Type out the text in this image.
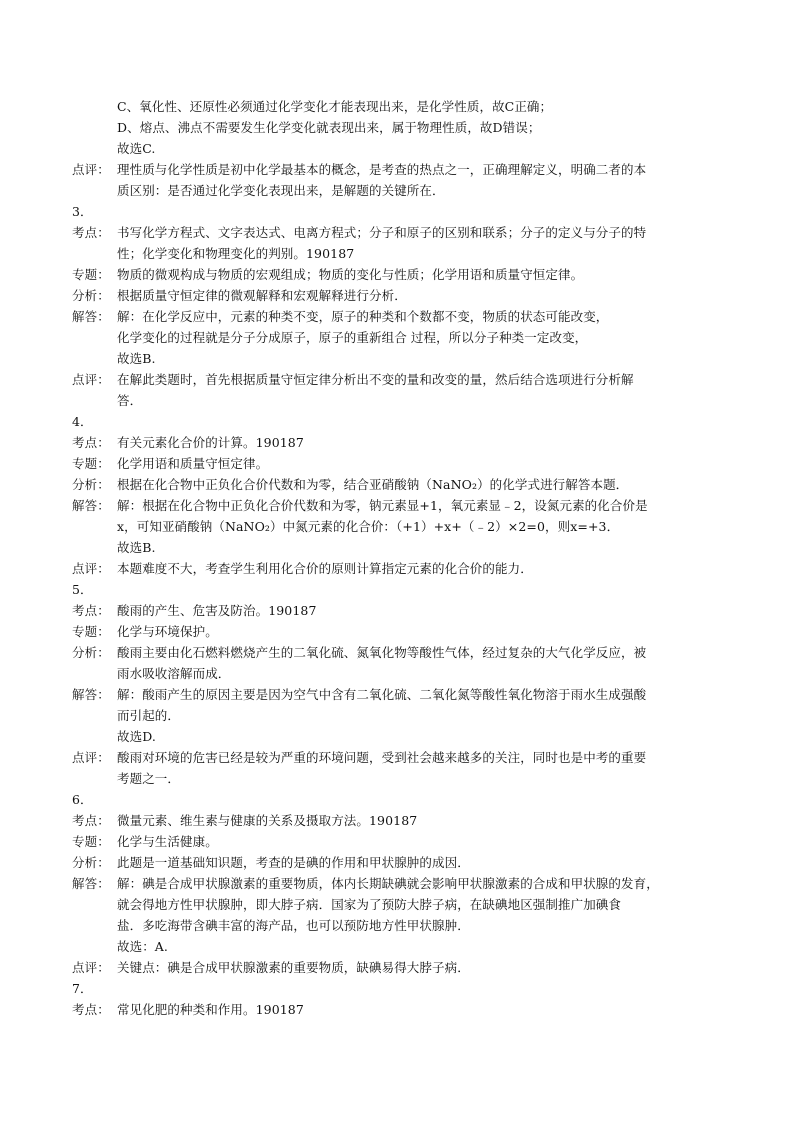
C、氧化性、还原性必须通过化学变化才能表现出来，是化学性质，故C正确；
D、熔点、沸点不需要发生化学变化就表现出来，属于物理性质，故D错误；
故选C.
点评： 理性质与化学性质是初中化学最基本的概念，是考查的热点之一，正确理解定义，明确二者的本
质区别：是否通过化学变化表现出来，是解题的关键所在．
3．
考点： 书写化学方程式、文字表达式、电离方程式；分子和原子的区别和联系；分子的定义与分子的特
性；化学变化和物理变化的判别。190187
专题： 物质的微观构成与物质的宏观组成；物质的变化与性质；化学用语和质量守恒定律。
分析： 根据质量守恒定律的微观解释和宏观解释进行分析．
解答： 解：在化学反应中，元素的种类不变，原子的种类和个数都不变，物质的状态可能改变，
化学变化的过程就是分子分成原子，原子的重新组合 过程，所以分子种类一定改变，
故选B.
点评： 在解此类题时，首先根据质量守恒定律分析出不变的量和改变的量，然后结合选项进行分析解
答．
4．
考点： 有关元素化合价的计算。190187
专题： 化学用语和质量守恒定律。
分析： 根据在化合物中正负化合价代数和为零，结合亚硝酸钠（NaNO₂）的化学式进行解答本题．
解答： 解：根据在化合物中正负化合价代数和为零，钠元素显+1，氧元素显﹣2，设氮元素的化合价是
x，可知亚硝酸钠（NaNO₂）中氮元素的化合价：（+1）+x+（﹣2）×2=0，则x=+3．
故选B.
点评： 本题难度不大，考查学生利用化合价的原则计算指定元素的化合价的能力．
5．
考点： 酸雨的产生、危害及防治。190187
专题： 化学与环境保护。
分析： 酸雨主要由化石燃料燃烧产生的二氧化硫、氮氧化物等酸性气体，经过复杂的大气化学反应，被
雨水吸收溶解而成．
解答： 解：酸雨产生的原因主要是因为空气中含有二氧化硫、二氧化氮等酸性氧化物溶于雨水生成强酸
而引起的．
故选D.
点评： 酸雨对环境的危害已经是较为严重的环境问题，受到社会越来越多的关注，同时也是中考的重要
考题之一．
6．
考点： 微量元素、维生素与健康的关系及摄取方法。190187
专题： 化学与生活健康。
分析： 此题是一道基础知识题，考查的是碘的作用和甲状腺肿的成因．
解答： 解：碘是合成甲状腺激素的重要物质，体内长期缺碘就会影响甲状腺激素的合成和甲状腺的发育，
就会得地方性甲状腺肿，即大脖子病．国家为了预防大脖子病，在缺碘地区强制推广加碘食
盐．多吃海带含碘丰富的海产品，也可以预防地方性甲状腺肿．
故选：A.
点评： 关键点：碘是合成甲状腺激素的重要物质，缺碘易得大脖子病．
7．
考点： 常见化肥的种类和作用。190187
